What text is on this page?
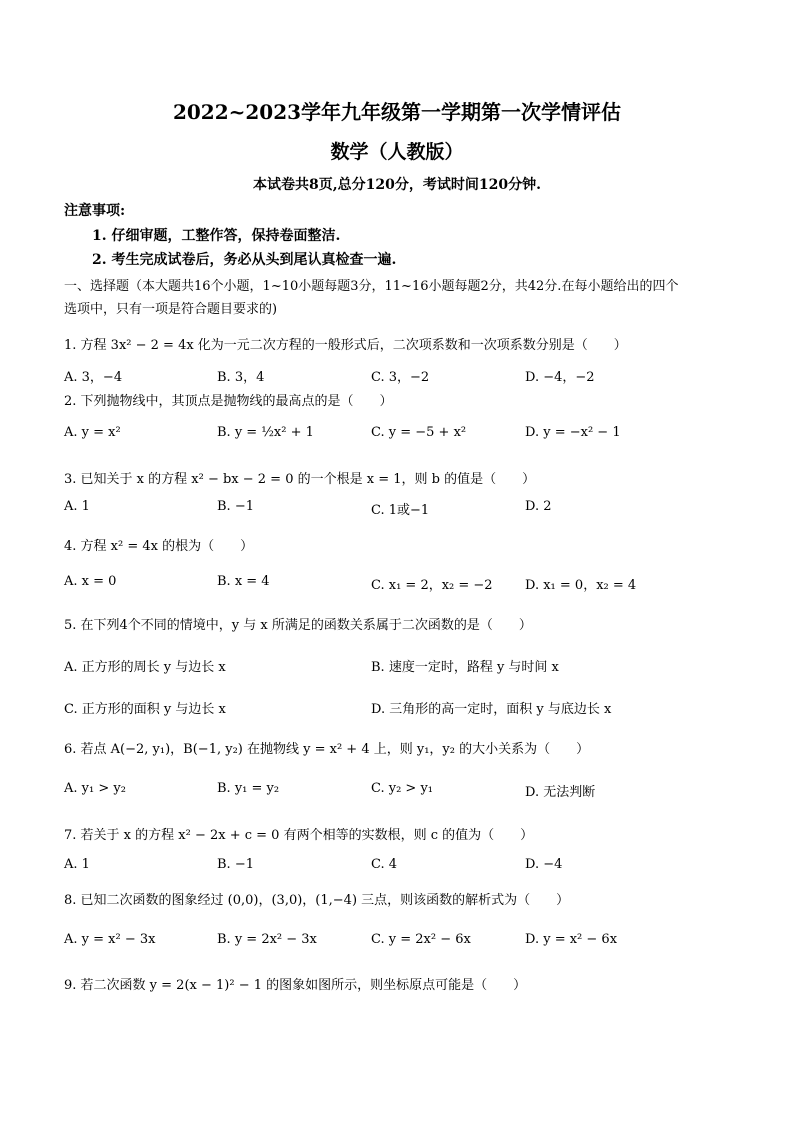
2022~2023学年九年级第一学期第一次学情评估
数学（人教版）
本试卷共8页,总分120分，考试时间120分钟.
注意事项:
1. 仔细审题，工整作答，保持卷面整洁.
2. 考生完成试卷后，务必从头到尾认真检查一遍.
一、选择题（本大题共16个小题，1~10小题每题3分，11~16小题每题2分，共42分.在每小题给出的四个
选项中，只有一项是符合题目要求的)
1. 方程 3x² − 2 = 4x 化为一元二次方程的一般形式后，二次项系数和一次项系数分别是（　　）
A. 3，−4	B. 3，4	C. 3，−2	D. −4，−2
2. 下列抛物线中，其顶点是抛物线的最高点的是（　　）
A. y = x²	B. y = ½x² + 1	C. y = −5 + x²	D. y = −x² − 1
3. 已知关于 x 的方程 x² − bx − 2 = 0 的一个根是 x = 1，则 b 的值是（　　）
A. 1	B. −1	C. 1或−1	D. 2
4. 方程 x² = 4x 的根为（　　）
A. x = 0	B. x = 4	C. x₁ = 2，x₂ = −2 D. x₁ = 0，x₂ = 4
5. 在下列4个不同的情境中，y 与 x 所满足的函数关系属于二次函数的是（　　）
A. 正方形的周长 y 与边长 x	B. 速度一定时，路程 y 与时间 x
C. 正方形的面积 y 与边长 x	D. 三角形的高一定时，面积 y 与底边长 x
6. 若点 A(−2, y₁)，B(−1, y₂) 在抛物线 y = x² + 4 上，则 y₁，y₂ 的大小关系为（　　）
A. y₁ > y₂	B. y₁ = y₂	C. y₂ > y₁	D. 无法判断
7. 若关于 x 的方程 x² − 2x + c = 0 有两个相等的实数根，则 c 的值为（　　）
A. 1	B. −1	C. 4	D. −4
8. 已知二次函数的图象经过 (0,0)，(3,0)，(1,−4) 三点，则该函数的解析式为（　　）
A. y = x² − 3x	B. y = 2x² − 3x	C. y = 2x² − 6x	D. y = x² − 6x
9. 若二次函数 y = 2(x − 1)² − 1 的图象如图所示，则坐标原点可能是（　　）
